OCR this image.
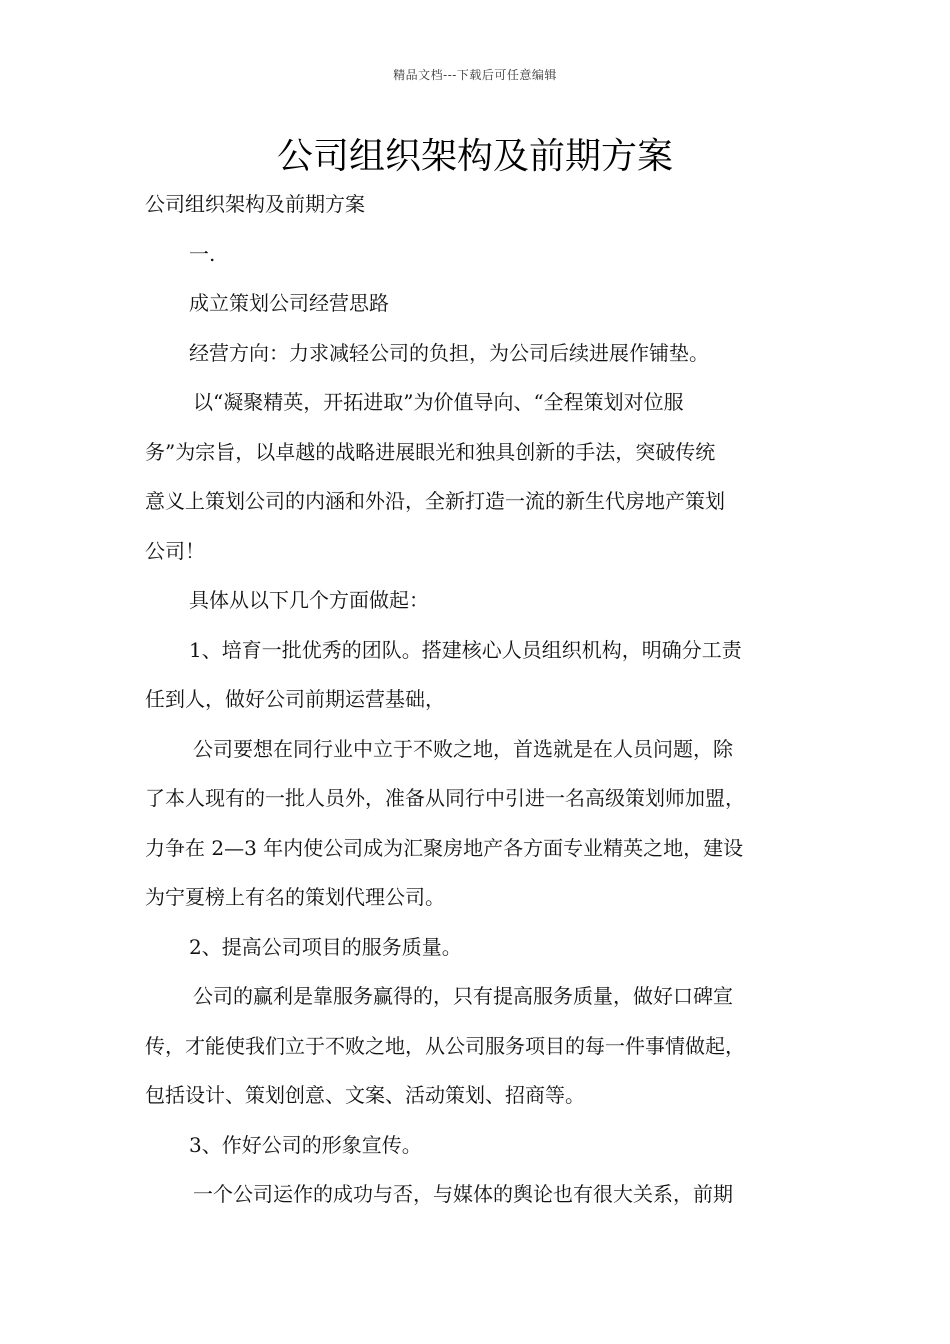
精品文档---下载后可任意编辑
公司组织架构及前期方案
公司组织架构及前期方案
一.
成立策划公司经营思路
经营方向：力求减轻公司的负担，为公司后续进展作铺垫。
以“凝聚精英，开拓进取”为价值导向、“全程策划对位服
务”为宗旨，以卓越的战略进展眼光和独具创新的手法，突破传统
意义上策划公司的内涵和外沿，全新打造一流的新生代房地产策划
公司！
具体从以下几个方面做起：
1、培育一批优秀的团队。搭建核心人员组织机构，明确分工责
任到人，做好公司前期运营基础，
公司要想在同行业中立于不败之地，首选就是在人员问题，除
了本人现有的一批人员外，准备从同行中引进一名高级策划师加盟，
力争在 2—3 年内使公司成为汇聚房地产各方面专业精英之地，建设
为宁夏榜上有名的策划代理公司。
2、提高公司项目的服务质量。
公司的赢利是靠服务赢得的，只有提高服务质量，做好口碑宣
传，才能使我们立于不败之地，从公司服务项目的每一件事情做起，
包括设计、策划创意、文案、活动策划、招商等。
3、作好公司的形象宣传。
一个公司运作的成功与否，与媒体的舆论也有很大关系，前期
